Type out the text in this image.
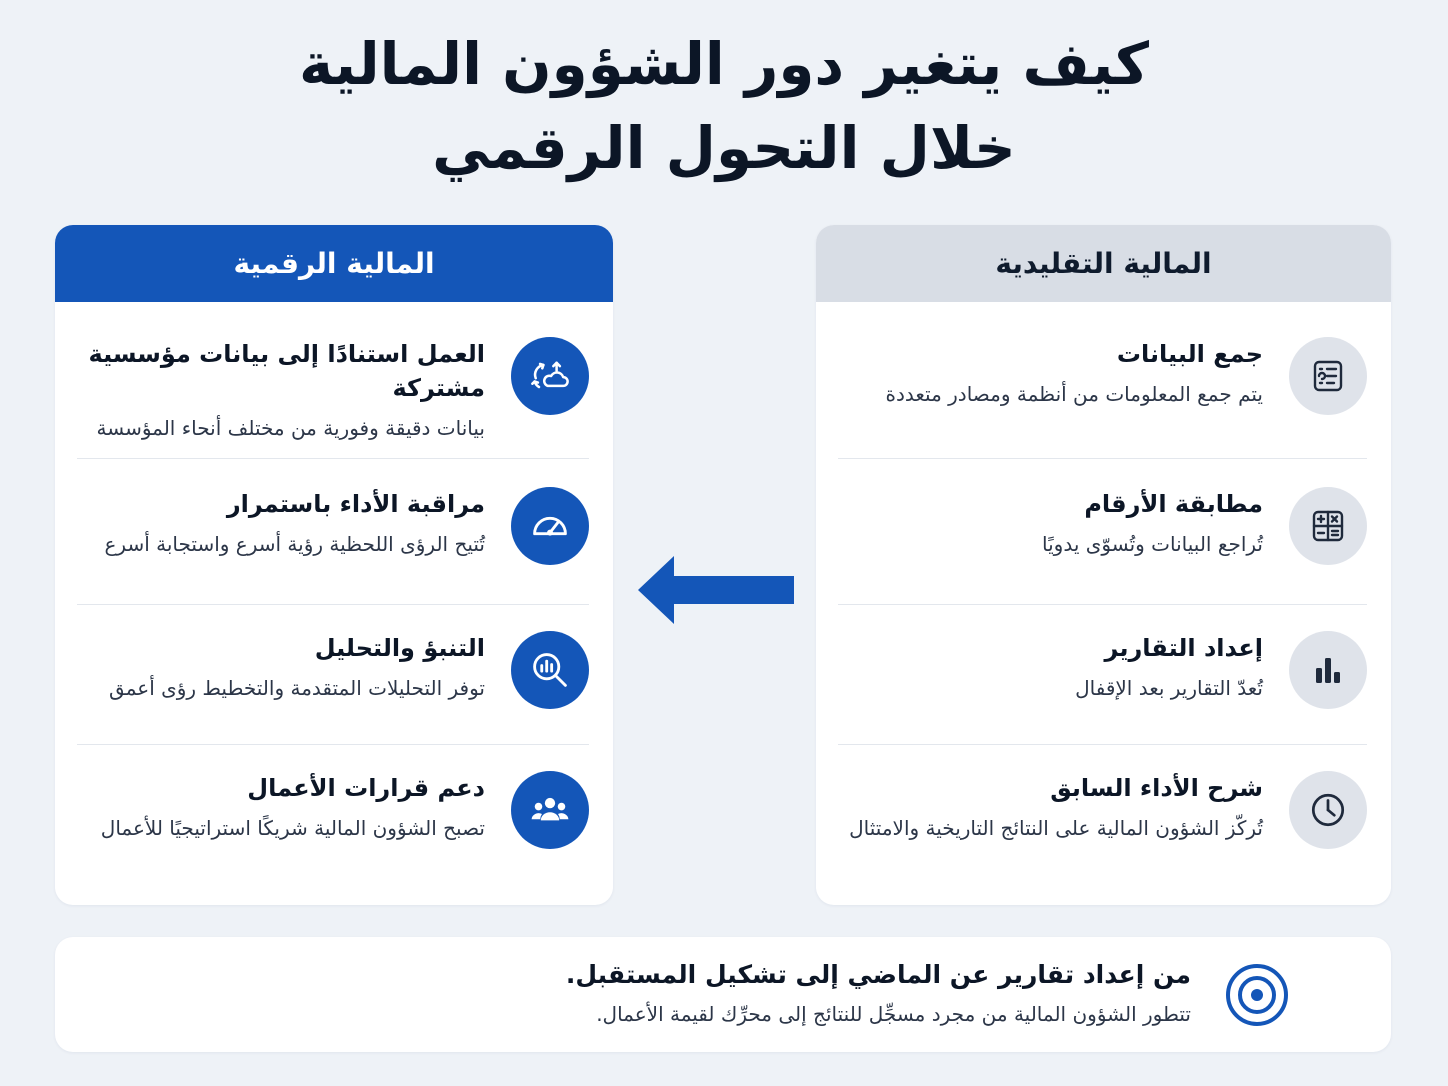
كيف يتغير دور الشؤون المالية
خلال التحول الرقمي
المالية التقليدية
جمع البيانات
يتم جمع المعلومات من أنظمة ومصادر متعددة
مطابقة الأرقام
تُراجع البيانات وتُسوّى يدويًا
إعداد التقارير
تُعدّ التقارير بعد الإقفال
شرح الأداء السابق
تُركّز الشؤون المالية على النتائج التاريخية والامتثال
المالية الرقمية
العمل استنادًا إلى بيانات مؤسسية مشتركة
بيانات دقيقة وفورية من مختلف أنحاء المؤسسة
مراقبة الأداء باستمرار
تُتيح الرؤى اللحظية رؤية أسرع واستجابة أسرع
التنبؤ والتحليل
توفر التحليلات المتقدمة والتخطيط رؤى أعمق
دعم قرارات الأعمال
تصبح الشؤون المالية شريكًا استراتيجيًا للأعمال
من إعداد تقارير عن الماضي إلى تشكيل المستقبل.
تتطور الشؤون المالية من مجرد مسجِّل للنتائج إلى محرِّك لقيمة الأعمال.
